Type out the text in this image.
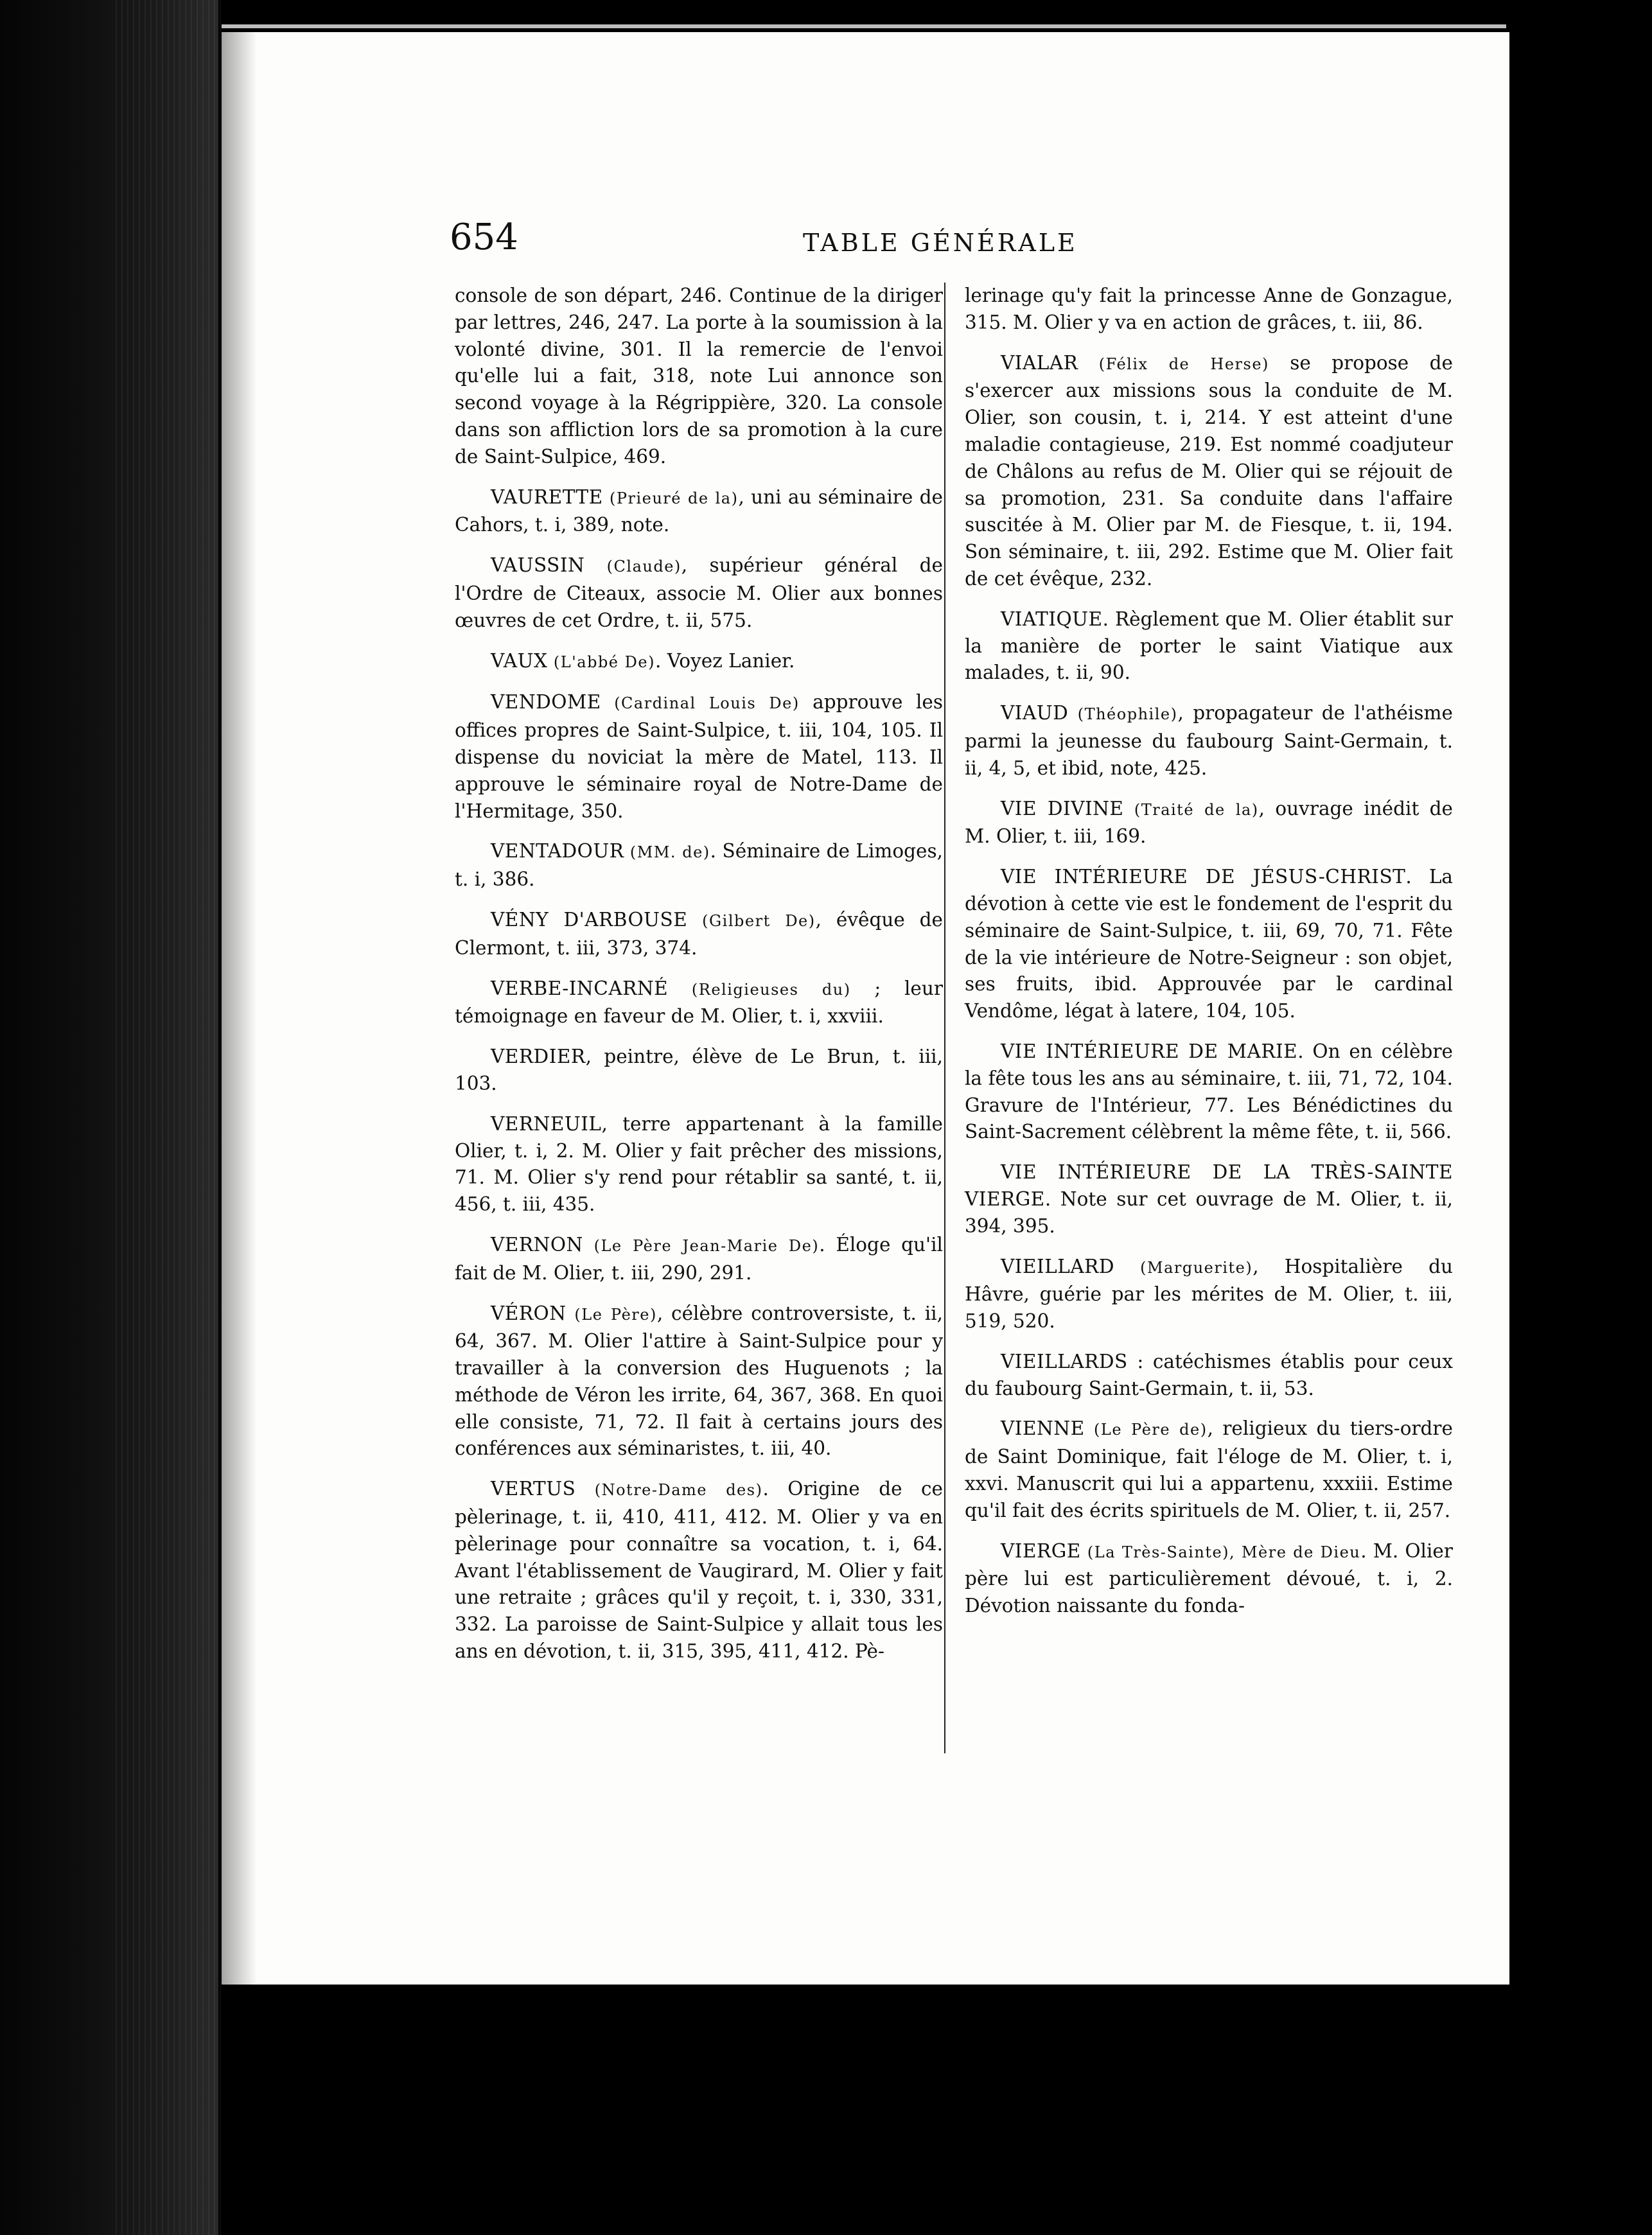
654	TABLE GÉNÉRALE

console de son départ, 246. Continue de la diriger par lettres, 246, 247. La porte à la soumission à la volonté divine, 301. Il la remercie de l'envoi qu'elle lui a fait, 318, note Lui annonce son second voyage à la Régrippière, 320. La console dans son affliction lors de sa promotion à la cure de Saint-Sulpice, 469.

VAURETTE (Prieuré de la), uni au séminaire de Cahors, t. i, 389, note.

VAUSSIN (Claude), supérieur général de l'Ordre de Citeaux, associe M. Olier aux bonnes œuvres de cet Ordre, t. ii, 575.

VAUX (L'abbé De). Voyez Lanier.

VENDOME (Cardinal Louis De) approuve les offices propres de Saint-Sulpice, t. iii, 104, 105. Il dispense du noviciat la mère de Matel, 113. Il approuve le séminaire royal de Notre-Dame de l'Hermitage, 350.

VENTADOUR (MM. de). Séminaire de Limoges, t. i, 386.

VÉNY D'ARBOUSE (Gilbert De), évêque de Clermont, t. iii, 373, 374.

VERBE-INCARNÉ (Religieuses du) ; leur témoignage en faveur de M. Olier, t. i, xxviii.

VERDIER, peintre, élève de Le Brun, t. iii, 103.

VERNEUIL, terre appartenant à la famille Olier, t. i, 2. M. Olier y fait prêcher des missions, 71. M. Olier s'y rend pour rétablir sa santé, t. ii, 456, t. iii, 435.

VERNON (Le Père Jean-Marie De). Éloge qu'il fait de M. Olier, t. iii, 290, 291.

VÉRON (Le Père), célèbre controversiste, t. ii, 64, 367. M. Olier l'attire à Saint-Sulpice pour y travailler à la conversion des Huguenots ; la méthode de Véron les irrite, 64, 367, 368. En quoi elle consiste, 71, 72. Il fait à certains jours des conférences aux séminaristes, t. iii, 40.

VERTUS (Notre-Dame des). Origine de ce pèlerinage, t. ii, 410, 411, 412. M. Olier y va en pèlerinage pour connaître sa vocation, t. i, 64. Avant l'établissement de Vaugirard, M. Olier y fait une retraite ; grâces qu'il y reçoit, t. i, 330, 331, 332. La paroisse de Saint-Sulpice y allait tous les ans en dévotion, t. ii, 315, 395, 411, 412. Pè-

lerinage qu'y fait la princesse Anne de Gonzague, 315. M. Olier y va en action de grâces, t. iii, 86.

VIALAR (Félix de Herse) se propose de s'exercer aux missions sous la conduite de M. Olier, son cousin, t. i, 214. Y est atteint d'une maladie contagieuse, 219. Est nommé coadjuteur de Châlons au refus de M. Olier qui se réjouit de sa promotion, 231. Sa conduite dans l'affaire suscitée à M. Olier par M. de Fiesque, t. ii, 194. Son séminaire, t. iii, 292. Estime que M. Olier fait de cet évêque, 232.

VIATIQUE. Règlement que M. Olier établit sur la manière de porter le saint Viatique aux malades, t. ii, 90.

VIAUD (Théophile), propagateur de l'athéisme parmi la jeunesse du faubourg Saint-Germain, t. ii, 4, 5, et ibid, note, 425.

VIE DIVINE (Traité de la), ouvrage inédit de M. Olier, t. iii, 169.

VIE INTÉRIEURE DE JÉSUS-CHRIST. La dévotion à cette vie est le fondement de l'esprit du séminaire de Saint-Sulpice, t. iii, 69, 70, 71. Fête de la vie intérieure de Notre-Seigneur : son objet, ses fruits, ibid. Approuvée par le cardinal Vendôme, légat à latere, 104, 105.

VIE INTÉRIEURE DE MARIE. On en célèbre la fête tous les ans au séminaire, t. iii, 71, 72, 104. Gravure de l'Intérieur, 77. Les Bénédictines du Saint-Sacrement célèbrent la même fête, t. ii, 566.

VIE INTÉRIEURE DE LA TRÈS-SAINTE VIERGE. Note sur cet ouvrage de M. Olier, t. ii, 394, 395.

VIEILLARD (Marguerite), Hospitalière du Hâvre, guérie par les mérites de M. Olier, t. iii, 519, 520.

VIEILLARDS : catéchismes établis pour ceux du faubourg Saint-Germain, t. ii, 53.

VIENNE (Le Père de), religieux du tiers-ordre de Saint Dominique, fait l'éloge de M. Olier, t. i, xxvi. Manuscrit qui lui a appartenu, xxxiii. Estime qu'il fait des écrits spirituels de M. Olier, t. ii, 257.

VIERGE (La Très-Sainte), Mère de Dieu. M. Olier père lui est particulièrement dévoué, t. i, 2. Dévotion naissante du fonda-
